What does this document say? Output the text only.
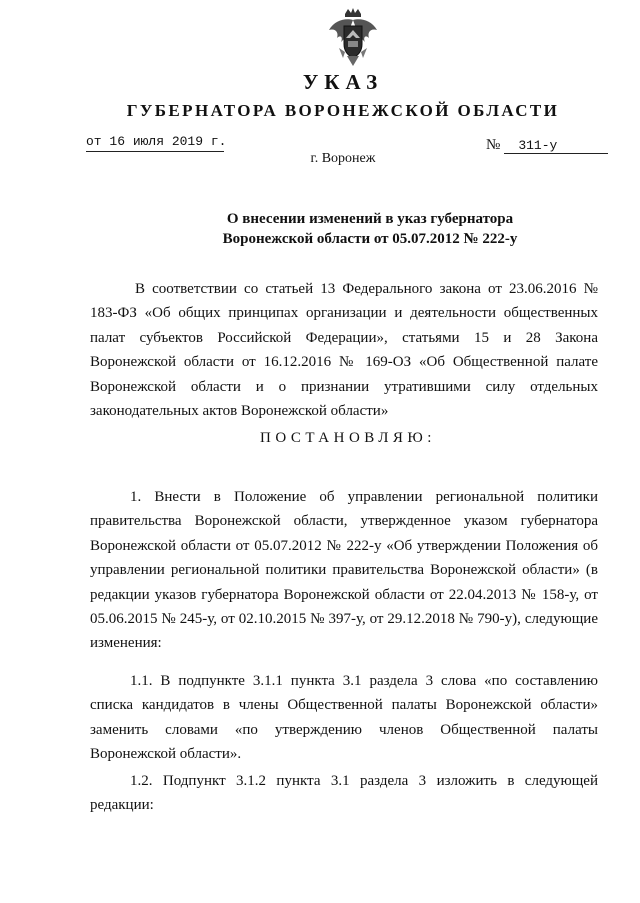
УКАЗ
ГУБЕРНАТОРА ВОРОНЕЖСКОЙ ОБЛАСТИ
от 16 июля 2019 г.	№ 311-у
г. Воронеж
О внесении изменений в указ губернатора
Воронежской области от 05.07.2012 № 222-у

В соответствии со статьей 13 Федерального закона от 23.06.2016 № 183-ФЗ «Об общих принципах организации и деятельности общественных палат субъектов Российской Федерации», статьями 15 и 28 Закона Воронежской области от 16.12.2016 № 169-ОЗ «Об Общественной палате Воронежской области и о признании утратившими силу отдельных законодательных актов Воронежской области»

ПОСТАНОВЛЯЮ:

1. Внести в Положение об управлении региональной политики правительства Воронежской области, утвержденное указом губернатора Воронежской области от 05.07.2012 № 222-у «Об утверждении Положения об управлении региональной политики правительства Воронежской области» (в редакции указов губернатора Воронежской области от 22.04.2013 № 158-у, от 05.06.2015 № 245-у, от 02.10.2015 № 397-у, от 29.12.2018 № 790-у), следующие изменения:

1.1. В подпункте 3.1.1 пункта 3.1 раздела 3 слова «по составлению списка кандидатов в члены Общественной палаты Воронежской области» заменить словами «по утверждению членов Общественной палаты Воронежской области».

1.2. Подпункт 3.1.2 пункта 3.1 раздела 3 изложить в следующей редакции:
